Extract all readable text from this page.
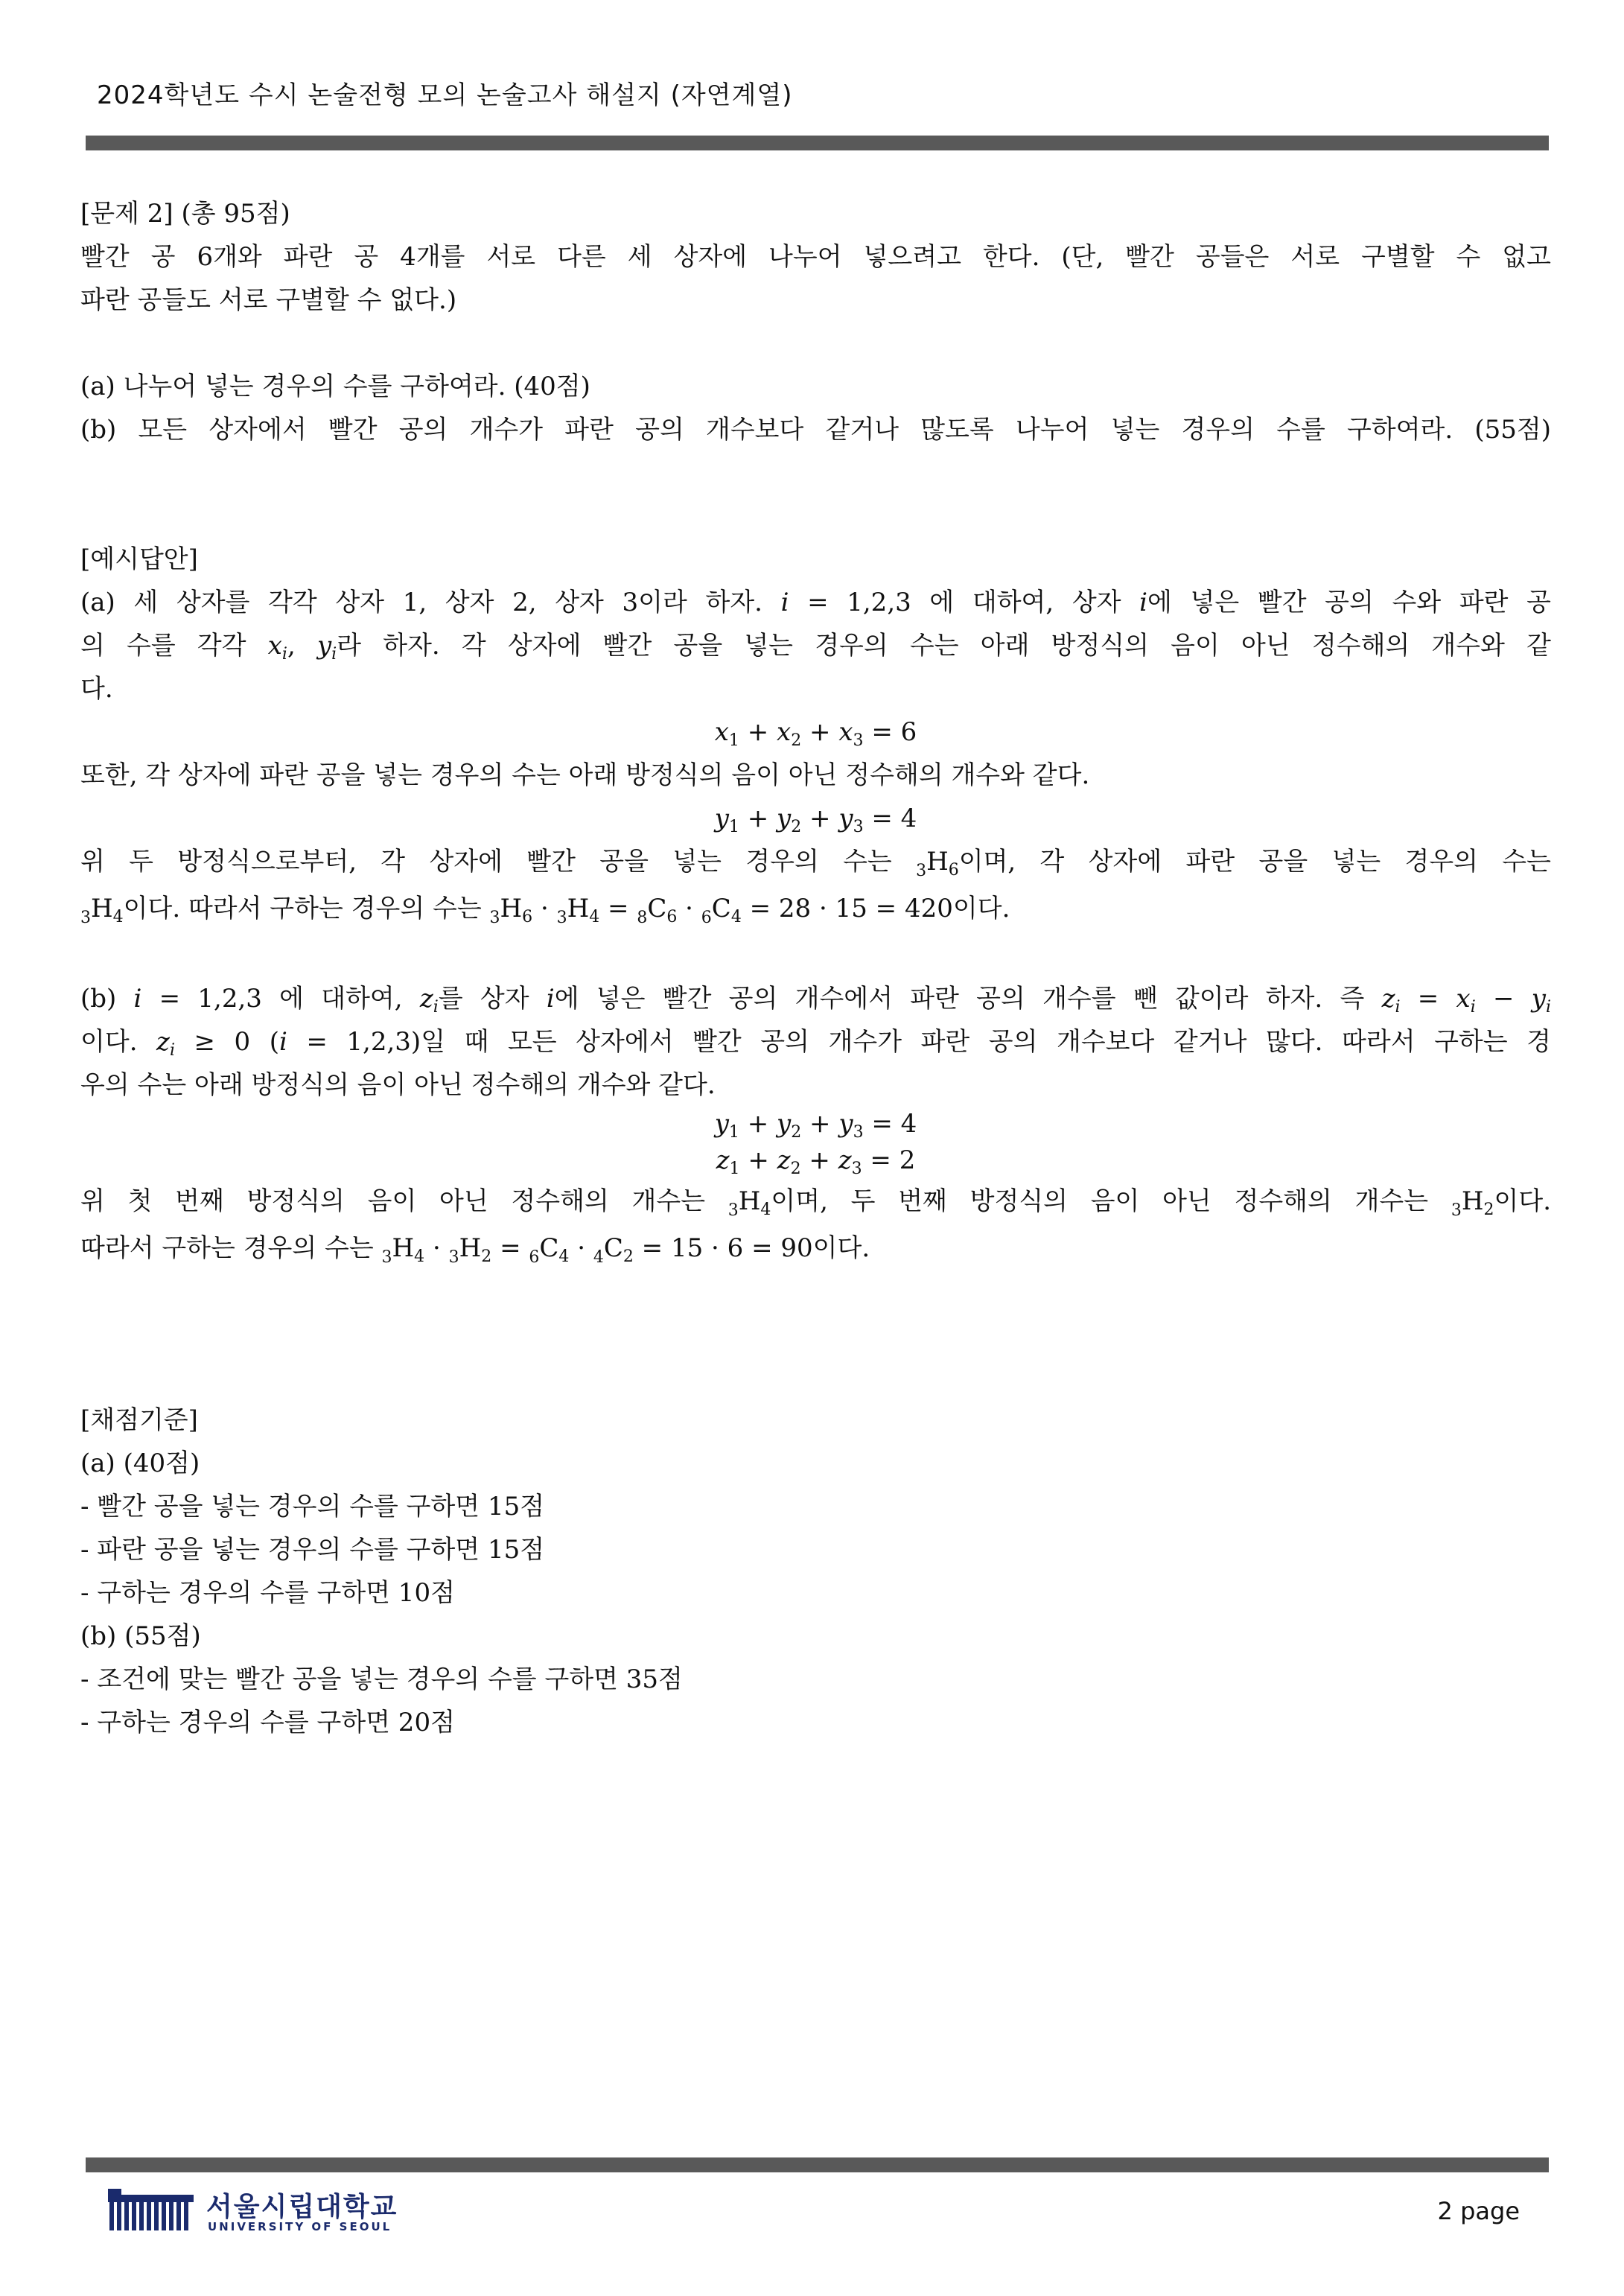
2024학년도 수시 논술전형 모의 논술고사 해설지 (자연계열)

[문제 2] (총 95점)

빨간 공 6개와 파란 공 4개를 서로 다른 세 상자에 나누어 넣으려고 한다. (단, 빨간 공들은 서로 구별할 수 없고

파란 공들도 서로 구별할 수 없다.)

(a) 나누어 넣는 경우의 수를 구하여라. (40점)

(b) 모든 상자에서 빨간 공의 개수가 파란 공의 개수보다 같거나 많도록 나누어 넣는 경우의 수를 구하여라. (55점)

[예시답안]

(a) 세 상자를 각각 상자 1, 상자 2, 상자 3이라 하자. i = 1,2,3 에 대하여, 상자 i에 넣은 빨간 공의 수와 파란 공

의 수를 각각 $x_i$, $y_i$라 하자. 각 상자에 빨간 공을 넣는 경우의 수는 아래 방정식의 음이 아닌 정수해의 개수와 같

다.

$x_1 + x_2 + x_3 = 6$

또한, 각 상자에 파란 공을 넣는 경우의 수는 아래 방정식의 음이 아닌 정수해의 개수와 같다.

$y_1 + y_2 + y_3 = 4$

위 두 방정식으로부터, 각 상자에 빨간 공을 넣는 경우의 수는 $_3H_6$이며, 각 상자에 파란 공을 넣는 경우의 수는

$_3H_4$이다. 따라서 구하는 경우의 수는 $_3H_6 \cdot _3H_4 = _8C_6 \cdot _6C_4 = 28 \cdot 15 = 420$이다.

(b) i = 1,2,3 에 대하여, $z_i$를 상자 i에 넣은 빨간 공의 개수에서 파란 공의 개수를 뺀 값이라 하자. 즉 $z_i = x_i - y_i$

이다. $z_i \ge 0$ (i = 1,2,3)일 때 모든 상자에서 빨간 공의 개수가 파란 공의 개수보다 같거나 많다. 따라서 구하는 경

우의 수는 아래 방정식의 음이 아닌 정수해의 개수와 같다.

$y_1 + y_2 + y_3 = 4$

$z_1 + z_2 + z_3 = 2$

위 첫 번째 방정식의 음이 아닌 정수해의 개수는 $_3H_4$이며, 두 번째 방정식의 음이 아닌 정수해의 개수는 $_3H_2$이다.

따라서 구하는 경우의 수는 $_3H_4 \cdot _3H_2 = _6C_4 \cdot _4C_2 = 15 \cdot 6 = 90$이다.

[채점기준]

(a) (40점)

- 빨간 공을 넣는 경우의 수를 구하면 15점

- 파란 공을 넣는 경우의 수를 구하면 15점

- 구하는 경우의 수를 구하면 10점

(b) (55점)

- 조건에 맞는 빨간 공을 넣는 경우의 수를 구하면 35점

- 구하는 경우의 수를 구하면 20점

서울시립대학교
UNIVERSITY OF SEOUL
2 page
